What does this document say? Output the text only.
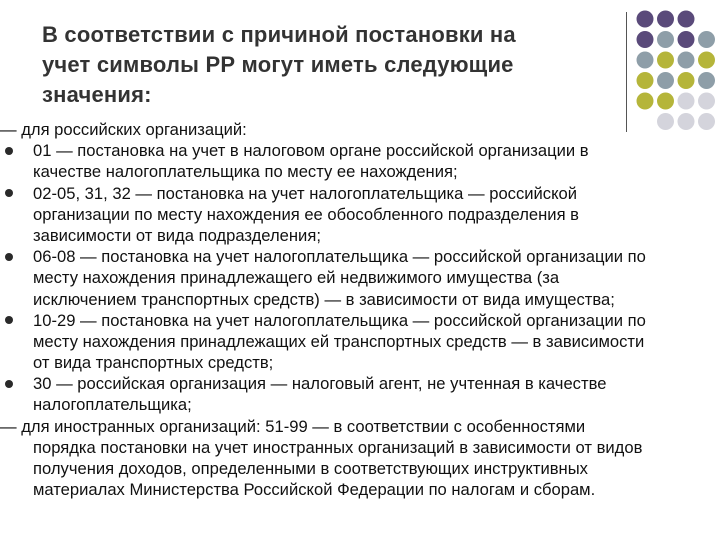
В соответствии с причиной постановки на
учет символы РР могут иметь следующие
значения:
— для российских организаций:
01 — постановка на учет в налоговом органе российской организации в
качестве налогоплательщика по месту ее нахождения;
02-05, 31, 32 — постановка на учет налогоплательщика — российской
организации по месту нахождения ее обособленного подразделения в
зависимости от вида подразделения;
06-08 — постановка на учет налогоплательщика — российской организации по
месту нахождения принадлежащего ей недвижимого имущества (за
исключением транспортных средств) — в зависимости от вида имущества;
10-29 — постановка на учет налогоплательщика — российской организации по
месту нахождения принадлежащих ей транспортных средств — в зависимости
от вида транспортных средств;
30 — российская организация — налоговый агент, не учтенная в качестве
налогоплательщика;
— для иностранных организаций: 51-99 — в соответствии с особенностями
порядка постановки на учет иностранных организаций в зависимости от видов
получения доходов, определенными в соответствующих инструктивных
материалах Министерства Российской Федерации по налогам и сборам.
